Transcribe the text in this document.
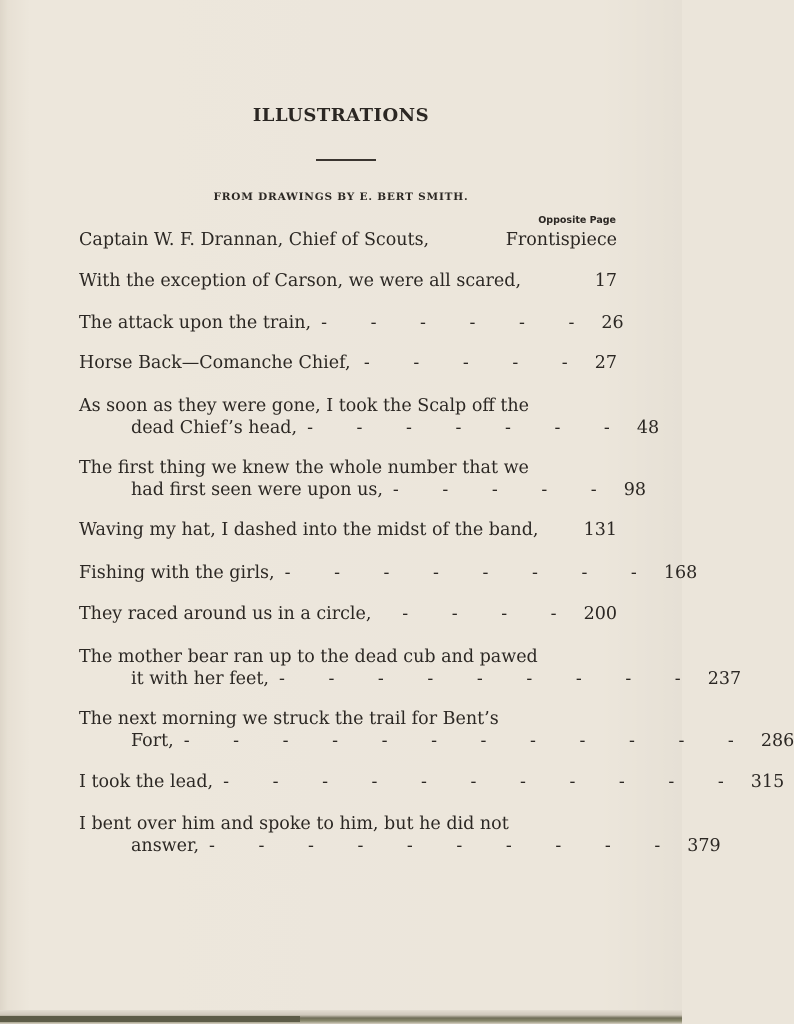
ILLUSTRATIONS
FROM DRAWINGS BY E. BERT SMITH.
Opposite Page
Captain W. F. Drannan, Chief of Scouts,	Frontispiece
With the exception of Carson, we were all scared,	17
The attack upon the train, - - - - - - 26
Horse Back—Comanche Chief, - - - - - 27
As soon as they were gone, I took the Scalp off the
dead Chief’s head, - - - - - - - 48
The first thing we knew the whole number that we
had first seen were upon us, - - - - - 98
Waving my hat, I dashed into the midst of the band,	131
Fishing with the girls, - - - - - - - - 168
They raced around us in a circle,	- - - - 200
The mother bear ran up to the dead cub and pawed
it with her feet, - - - - - - - - - 237
The next morning we struck the trail for Bent’s
Fort, - - - - - - - - - - - - 286
I took the lead, - - - - - - - - - - - 315
I bent over him and spoke to him, but he did not
answer, - - - - - - - - - - 379
